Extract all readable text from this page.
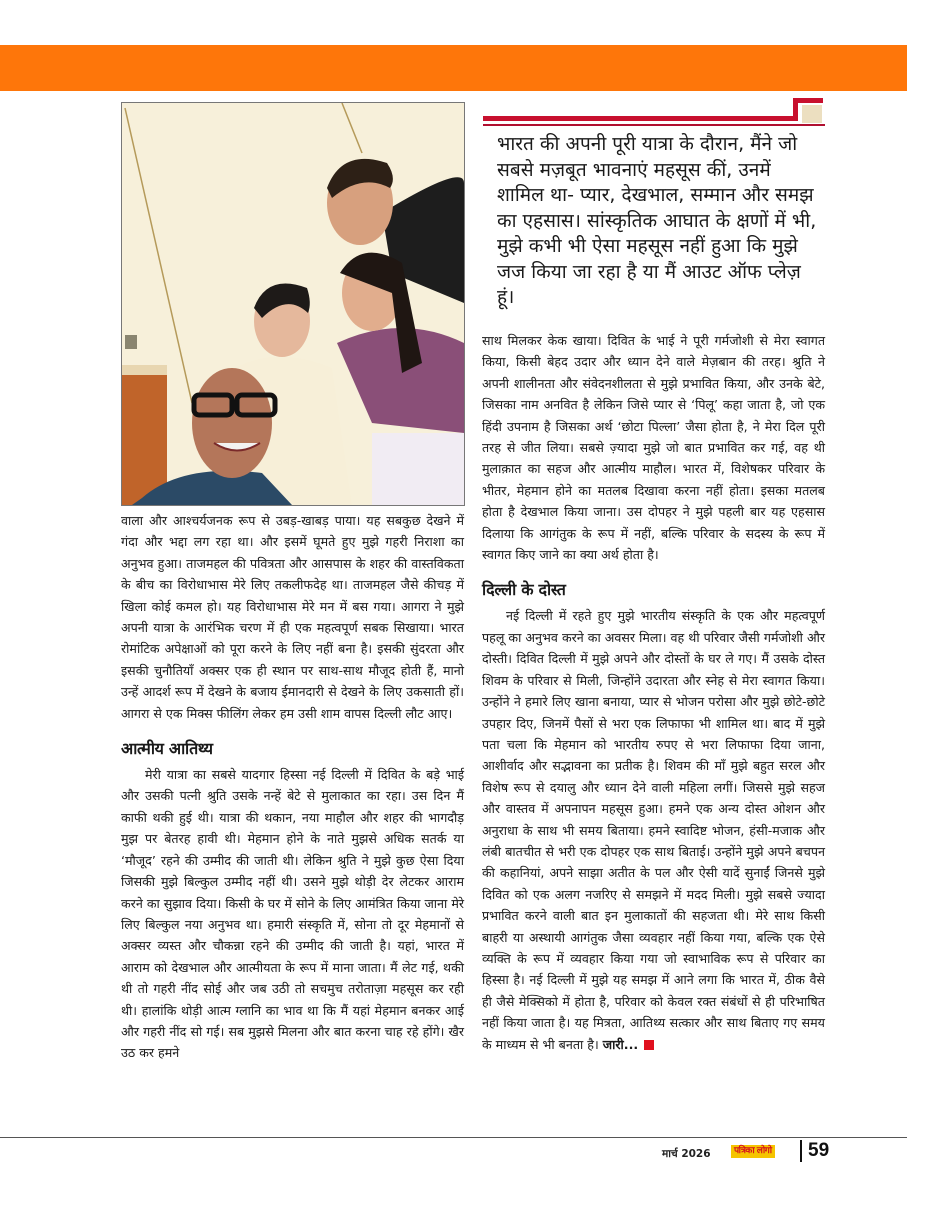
भारत की अपनी पूरी यात्रा के दौरान, मैंने जो सबसे मज़बूत भावनाएं महसूस कीं, उनमें शामिल था- प्यार, देखभाल, सम्मान और समझ का एहसास। सांस्कृतिक आघात के क्षणों में भी, मुझे कभी भी ऐसा महसूस नहीं हुआ कि मुझे जज किया जा रहा है या मैं आउट ऑफ प्लेज़ हूं।

वाला और आश्चर्यजनक रूप से उबड़-खाबड़ पाया। यह सबकुछ देखने में गंदा और भद्दा लग रहा था। और इसमें घूमते हुए मुझे गहरी निराशा का अनुभव हुआ। ताजमहल की पवित्रता और आसपास के शहर की वास्तविकता के बीच का विरोधाभास मेरे लिए तकलीफदेह था। ताजमहल जैसे कीचड़ में खिला कोई कमल हो। यह विरोधाभास मेरे मन में बस गया। आगरा ने मुझे अपनी यात्रा के आरंभिक चरण में ही एक महत्वपूर्ण सबक सिखाया। भारत रोमांटिक अपेक्षाओं को पूरा करने के लिए नहीं बना है। इसकी सुंदरता और इसकी चुनौतियाँ अक्सर एक ही स्थान पर साथ-साथ मौजूद होती हैं, मानो उन्हें आदर्श रूप में देखने के बजाय ईमानदारी से देखने के लिए उकसाती हों। आगरा से एक मिक्स फीलिंग लेकर हम उसी शाम वापस दिल्ली लौट आए।

आत्मीय आतिथ्य

मेरी यात्रा का सबसे यादगार हिस्सा नई दिल्ली में दिवित के बड़े भाई और उसकी पत्नी श्रुति उसके नन्हें बेटे से मुलाकात का रहा। उस दिन मैं काफी थकी हुई थी। यात्रा की थकान, नया माहौल और शहर की भागदौड़ मुझ पर बेतरह हावी थी। मेहमान होने के नाते मुझसे अधिक सतर्क या ‘मौजूद’ रहने की उम्मीद की जाती थी। लेकिन श्रुति ने मुझे कुछ ऐसा दिया जिसकी मुझे बिल्कुल उम्मीद नहीं थी। उसने मुझे थोड़ी देर लेटकर आराम करने का सुझाव दिया। किसी के घर में सोने के लिए आमंत्रित किया जाना मेरे लिए बिल्कुल नया अनुभव था। हमारी संस्कृति में, सोना तो दूर मेहमानों से अक्सर व्यस्त और चौकन्ना रहने की उम्मीद की जाती है। यहां, भारत में आराम को देखभाल और आत्मीयता के रूप में माना जाता। मैं लेट गई, थकी थी तो गहरी नींद सोई और जब उठी तो सचमुच तरोताज़ा महसूस कर रही थी। हालांकि थोड़ी आत्म ग्लानि का भाव था कि मैं यहां मेहमान बनकर आई और गहरी नींद सो गई। सब मुझसे मिलना और बात करना चाह रहे होंगे। खैर उठ कर हमने

साथ मिलकर केक खाया। दिवित के भाई ने पूरी गर्मजोशी से मेरा स्वागत किया, किसी बेहद उदार और ध्यान देने वाले मेज़बान की तरह। श्रुति ने अपनी शालीनता और संवेदनशीलता से मुझे प्रभावित किया, और उनके बेटे, जिसका नाम अनवित है लेकिन जिसे प्यार से ‘पिलू’ कहा जाता है, जो एक हिंदी उपनाम है जिसका अर्थ ‘छोटा पिल्ला’ जैसा होता है, ने मेरा दिल पूरी तरह से जीत लिया। सबसे ज़्यादा मुझे जो बात प्रभावित कर गई, वह थी मुलाक़ात का सहज और आत्मीय माहौल। भारत में, विशेषकर परिवार के भीतर, मेहमान होने का मतलब दिखावा करना नहीं होता। इसका मतलब होता है देखभाल किया जाना। उस दोपहर ने मुझे पहली बार यह एहसास दिलाया कि आगंतुक के रूप में नहीं, बल्कि परिवार के सदस्य के रूप में स्वागत किए जाने का क्या अर्थ होता है।

दिल्ली के दोस्त

नई दिल्ली में रहते हुए मुझे भारतीय संस्कृति के एक और महत्वपूर्ण पहलू का अनुभव करने का अवसर मिला। वह थी परिवार जैसी गर्मजोशी और दोस्ती। दिवित दिल्ली में मुझे अपने और दोस्तों के घर ले गए। मैं उसके दोस्त शिवम के परिवार से मिली, जिन्होंने उदारता और स्नेह से मेरा स्वागत किया। उन्होंने ने हमारे लिए खाना बनाया, प्यार से भोजन परोसा और मुझे छोटे-छोटे उपहार दिए, जिनमें पैसों से भरा एक लिफाफा भी शामिल था। बाद में मुझे पता चला कि मेहमान को भारतीय रुपए से भरा लिफाफा दिया जाना, आशीर्वाद और सद्भावना का प्रतीक है। शिवम की माँ मुझे बहुत सरल और विशेष रूप से दयालु और ध्यान देने वाली महिला लगीं। जिससे मुझे सहज और वास्तव में अपनापन महसूस हुआ। हमने एक अन्य दोस्त ओशन और अनुराधा के साथ भी समय बिताया। हमने स्वादिष्ट भोजन, हंसी-मजाक और लंबी बातचीत से भरी एक दोपहर एक साथ बिताई। उन्होंने मुझे अपने बचपन की कहानियां, अपने साझा अतीत के पल और ऐसी यादें सुनाईं जिनसे मुझे दिवित को एक अलग नजरिए से समझने में मदद मिली। मुझे सबसे ज्यादा प्रभावित करने वाली बात इन मुलाकातों की सहजता थी। मेरे साथ किसी बाहरी या अस्थायी आगंतुक जैसा व्यवहार नहीं किया गया, बल्कि एक ऐसे व्यक्ति के रूप में व्यवहार किया गया जो स्वाभाविक रूप से परिवार का हिस्सा है। नई दिल्ली में मुझे यह समझ में आने लगा कि भारत में, ठीक वैसे ही जैसे मेक्सिको में होता है, परिवार को केवल रक्त संबंधों से ही परिभाषित नहीं किया जाता है। यह मित्रता, आतिथ्य सत्कार और साथ बिताए गए समय के माध्यम से भी बनता है। जारी...

मार्च 2026	पत्रिका लोगो 59
